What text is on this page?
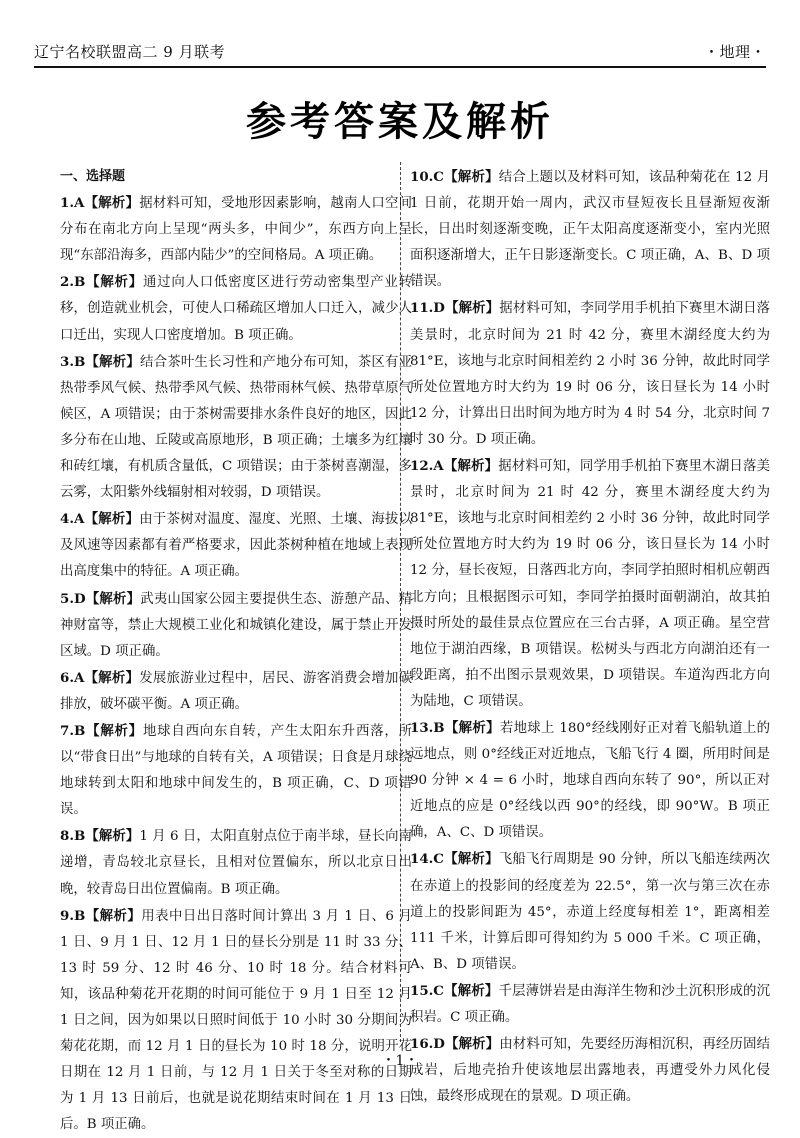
辽宁名校联盟高二 9 月联考	・地理・
参考答案及解析
一、选择题
1.A【解析】据材料可知，受地形因素影响，越南人口空间分布在南北方向上呈现“两头多，中间少”，东西方向上呈现“东部沿海多，西部内陆少”的空间格局。A 项正确。
2.B【解析】通过向人口低密度区进行劳动密集型产业转移，创造就业机会，可使人口稀疏区增加人口迁入，减少人口迁出，实现人口密度增加。B 项正确。
3.B【解析】结合茶叶生长习性和产地分布可知，茶区有亚热带季风气候、热带季风气候、热带雨林气候、热带草原气候区，A 项错误；由于茶树需要排水条件良好的地区，因此多分布在山地、丘陵或高原地形，B 项正确；土壤多为红壤和砖红壤，有机质含量低，C 项错误；由于茶树喜潮湿，多云雾，太阳紫外线辐射相对较弱，D 项错误。
4.A【解析】由于茶树对温度、湿度、光照、土壤、海拔以及风速等因素都有着严格要求，因此茶树种植在地域上表现出高度集中的特征。A 项正确。
5.D【解析】武夷山国家公园主要提供生态、游憩产品、精神财富等，禁止大规模工业化和城镇化建设，属于禁止开发区域。D 项正确。
6.A【解析】发展旅游业过程中，居民、游客消费会增加碳排放，破坏碳平衡。A 项正确。
7.B【解析】地球自西向东自转，产生太阳东升西落，所以“带食日出”与地球的自转有关，A 项错误；日食是月球绕地球转到太阳和地球中间发生的，B 项正确，C、D 项错误。
8.B【解析】1 月 6 日，太阳直射点位于南半球，昼长向南递增，青岛较北京昼长，且相对位置偏东，所以北京日出晚，较青岛日出位置偏南。B 项正确。
9.B【解析】用表中日出日落时间计算出 3 月 1 日、6 月 1 日、9 月 1 日、12 月 1 日的昼长分别是 11 时 33 分、13 时 59 分、12 时 46 分、10 时 18 分。结合材料可知，该品种菊花开花期的时间可能位于 9 月 1 日至 12 月 1 日之间，因为如果以日照时间低于 10 小时 30 分期间为菊花花期，而 12 月 1 日的昼长为 10 时 18 分，说明开花日期在 12 月 1 日前，与 12 月 1 日关于冬至对称的日期为 1 月 13 日前后，也就是说花期结束时间在 1 月 13 日后。B 项正确。
10.C【解析】结合上题以及材料可知，该品种菊花在 12 月 1 日前，花期开始一周内，武汉市昼短夜长且昼渐短夜渐长，日出时刻逐渐变晚，正午太阳高度逐渐变小，室内光照面积逐渐增大，正午日影逐渐变长。C 项正确，A、B、D 项错误。
11.D【解析】据材料可知，李同学用手机拍下赛里木湖日落美景时，北京时间为 21 时 42 分，赛里木湖经度大约为 81°E，该地与北京时间相差约 2 小时 36 分钟，故此时同学所处位置地方时大约为 19 时 06 分，该日昼长为 14 小时 12 分，计算出日出时间为地方时为 4 时 54 分，北京时间 7 时 30 分。D 项正确。
12.A【解析】据材料可知，同学用手机拍下赛里木湖日落美景时，北京时间为 21 时 42 分，赛里木湖经度大约为 81°E，该地与北京时间相差约 2 小时 36 分钟，故此时同学所处位置地方时大约为 19 时 06 分，该日昼长为 14 小时 12 分，昼长夜短，日落西北方向，李同学拍照时相机应朝西北方向；且根据图示可知，李同学拍摄时面朝湖泊，故其拍摄时所处的最佳景点位置应在三台古驿，A 项正确。星空营地位于湖泊西缘，B 项错误。松树头与西北方向湖泊还有一段距离，拍不出图示景观效果，D 项错误。车道沟西北方向为陆地，C 项错误。
13.B【解析】若地球上 180°经线刚好正对着飞船轨道上的远地点，则 0°经线正对近地点，飞船飞行 4 圈，所用时间是 90 分钟 × 4 = 6 小时，地球自西向东转了 90°，所以正对近地点的应是 0°经线以西 90°的经线，即 90°W。B 项正确，A、C、D 项错误。
14.C【解析】飞船飞行周期是 90 分钟，所以飞船连续两次在赤道上的投影间的经度差为 22.5°，第一次与第三次在赤道上的投影间距为 45°，赤道上经度每相差 1°，距离相差 111 千米，计算后即可得知约为 5 000 千米。C 项正确，A、B、D 项错误。
15.C【解析】千层薄饼岩是由海洋生物和沙土沉积形成的沉积岩。C 项正确。
16.D【解析】由材料可知，先要经历海相沉积，再经历固结成岩，后地壳抬升使该地层出露地表，再遭受外力风化侵蚀，最终形成现在的景观。D 项正确。
・1・
